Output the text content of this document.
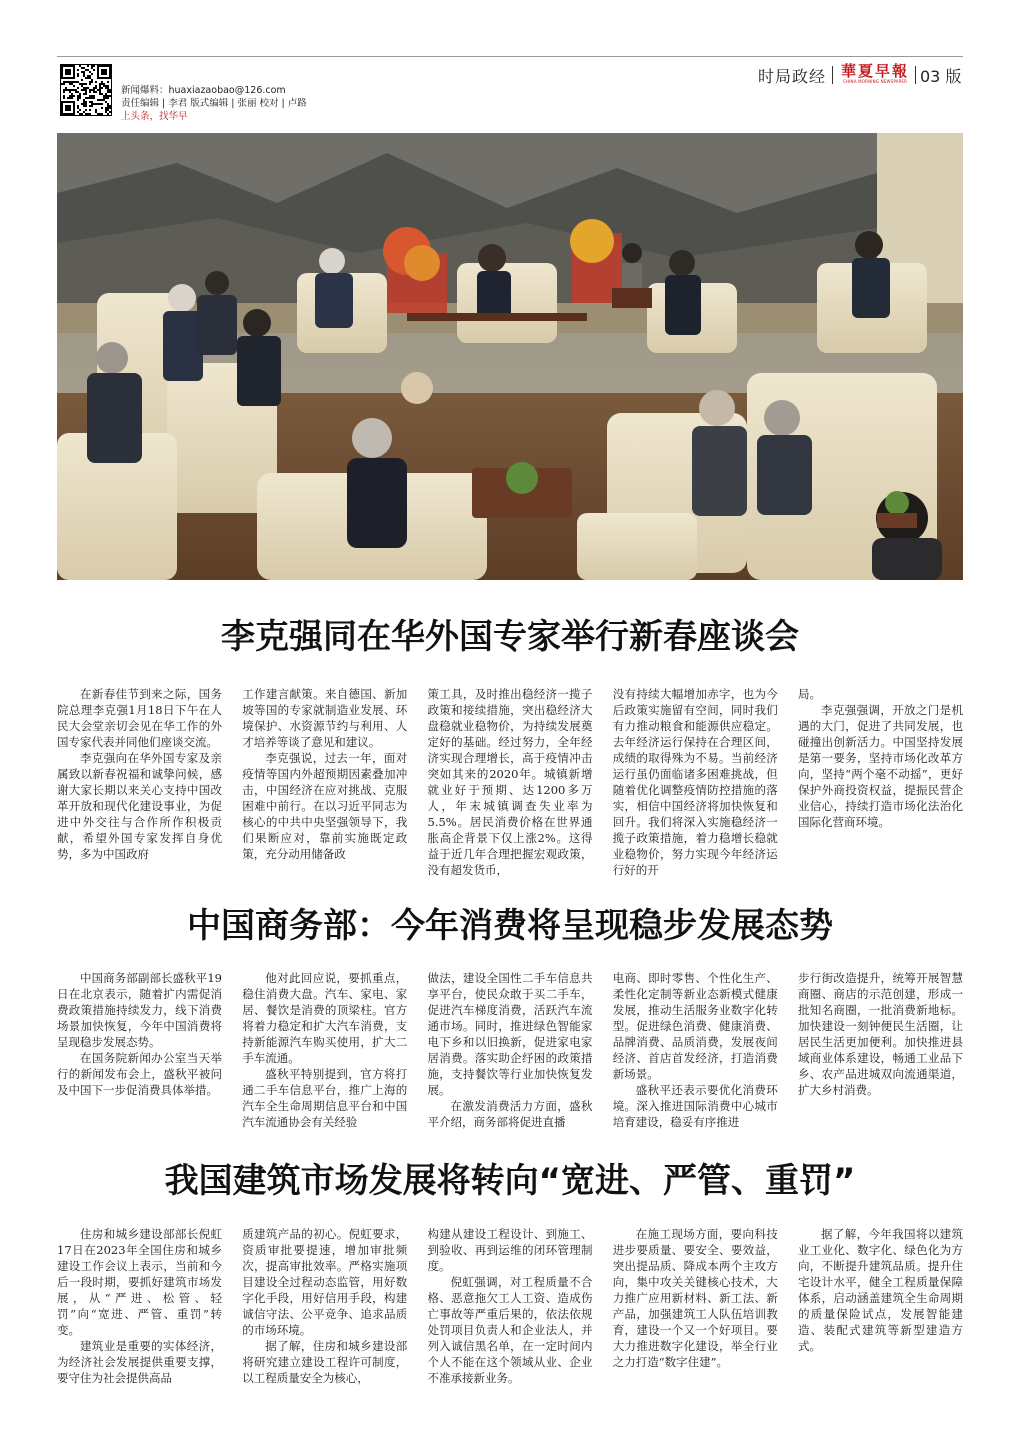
新闻爆料：huaxiazaobao@126.com
责任编辑 | 李君 版式编辑 | 张丽 校对 | 卢路
上头条，找华早
时局政经 華夏早報
CHINA MORNING NEWSPAPER 03 版
李克强同在华外国专家举行新春座谈会

在新春佳节到来之际，国务院总理李克强1月18日下午在人民大会堂亲切会见在华工作的外国专家代表并同他们座谈交流。

李克强向在华外国专家及亲属致以新春祝福和诚挚问候，感谢大家长期以来关心支持中国改革开放和现代化建设事业，为促进中外交往与合作所作积极贡献，希望外国专家发挥自身优势，多为中国政府

工作建言献策。来自德国、新加坡等国的专家就制造业发展、环境保护、水资源节约与利用、人才培养等谈了意见和建议。

李克强说，过去一年，面对疫情等国内外超预期因素叠加冲击，中国经济在应对挑战、克服困难中前行。在以习近平同志为核心的中共中央坚强领导下，我们果断应对，靠前实施既定政策，充分动用储备政

策工具，及时推出稳经济一揽子政策和接续措施，突出稳经济大盘稳就业稳物价，为持续发展奠定好的基础。经过努力，全年经济实现合理增长，高于疫情冲击突如其来的2020年。城镇新增就业好于预期、达1200多万人，年末城镇调查失业率为5.5%。居民消费价格在世界通胀高企背景下仅上涨2%。这得益于近几年合理把握宏观政策，没有超发货币，

没有持续大幅增加赤字，也为今后政策实施留有空间，同时我们有力推动粮食和能源供应稳定。去年经济运行保持在合理区间，成绩的取得殊为不易。当前经济运行虽仍面临诸多困难挑战，但随着优化调整疫情防控措施的落实，相信中国经济将加快恢复和回升。我们将深入实施稳经济一揽子政策措施，着力稳增长稳就业稳物价，努力实现今年经济运行好的开

局。

李克强强调，开放之门是机遇的大门，促进了共同发展，也碰撞出创新活力。中国坚持发展是第一要务，坚持市场化改革方向，坚持“两个毫不动摇”，更好保护外商投资权益，提振民营企业信心，持续打造市场化法治化国际化营商环境。

中国商务部：今年消费将呈现稳步发展态势

中国商务部副部长盛秋平19日在北京表示，随着扩内需促消费政策措施持续发力，线下消费场景加快恢复，今年中国消费将呈现稳步发展态势。

在国务院新闻办公室当天举行的新闻发布会上，盛秋平被问及中国下一步促消费具体举措。

他对此回应说，要抓重点，稳住消费大盘。汽车、家电、家居、餐饮是消费的顶梁柱。官方将着力稳定和扩大汽车消费，支持新能源汽车购买使用，扩大二手车流通。

盛秋平特别提到，官方将打通二手车信息平台，推广上海的汽车全生命周期信息平台和中国汽车流通协会有关经验

做法，建设全国性二手车信息共享平台，使民众敢于买二手车，促进汽车梯度消费，活跃汽车流通市场。同时，推进绿色智能家电下乡和以旧换新，促进家电家居消费。落实助企纾困的政策措施，支持餐饮等行业加快恢复发展。

在激发消费活力方面，盛秋平介绍，商务部将促进直播

电商、即时零售、个性化生产、柔性化定制等新业态新模式健康发展，推动生活服务业数字化转型。促进绿色消费、健康消费、品牌消费、品质消费，发展夜间经济、首店首发经济，打造消费新场景。

盛秋平还表示要优化消费环境。深入推进国际消费中心城市培育建设，稳妥有序推进

步行街改造提升，统筹开展智慧商圈、商店的示范创建，形成一批知名商圈，一批消费新地标。加快建设一刻钟便民生活圈，让居民生活更加便利。加快推进县域商业体系建设，畅通工业品下乡、农产品进城双向流通渠道，扩大乡村消费。

我国建筑市场发展将转向“宽进、严管、重罚”

住房和城乡建设部部长倪虹17日在2023年全国住房和城乡建设工作会议上表示，当前和今后一段时期，要抓好建筑市场发展，从“严进、松管、轻罚”向“宽进、严管、重罚”转变。

建筑业是重要的实体经济，为经济社会发展提供重要支撑，要守住为社会提供高品

质建筑产品的初心。倪虹要求，资质审批要提速，增加审批频次，提高审批效率。严格实施项目建设全过程动态监管，用好数字化手段，用好信用手段，构建诚信守法、公平竞争、追求品质的市场环境。

据了解，住房和城乡建设部将研究建立建设工程许可制度，以工程质量安全为核心，

构建从建设工程设计、到施工、到验收、再到运维的闭环管理制度。

倪虹强调，对工程质量不合格、恶意拖欠工人工资、造成伤亡事故等严重后果的，依法依规处罚项目负责人和企业法人，并列入诚信黑名单，在一定时间内个人不能在这个领域从业、企业不准承接新业务。

在施工现场方面，要向科技进步要质量、要安全、要效益，突出提品质、降成本两个主攻方向，集中攻关关键核心技术，大力推广应用新材料、新工法、新产品，加强建筑工人队伍培训教育，建设一个又一个好项目。要大力推进数字化建设，举全行业之力打造“数字住建”。

据了解，今年我国将以建筑业工业化、数字化、绿色化为方向，不断提升建筑品质。提升住宅设计水平，健全工程质量保障体系，启动涵盖建筑全生命周期的质量保险试点，发展智能建造、装配式建筑等新型建造方式。
